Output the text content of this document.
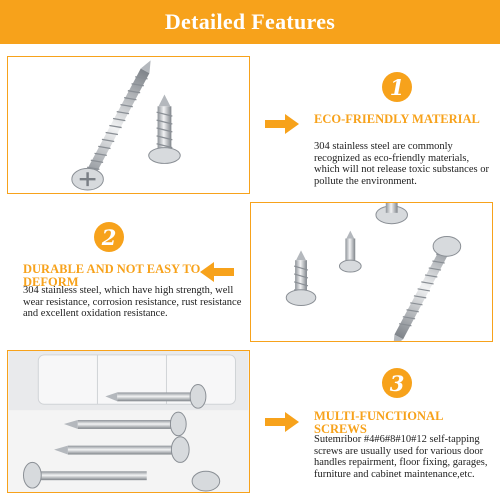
Detailed Features
1
2
3
ECO-FRIENDLY MATERIAL
304 stainless steel are commonly recognized as eco-friendly materials, which will not release toxic substances or pollute the environment.
DURABLE AND NOT EASY TO DEFORM
304 stainless steel, which have high strength, well wear resistance, corrosion resistance, rust resistance and excellent oxidation resistance.
MULTI-FUNCTIONAL SCREWS
Sutemribor #4#6#8#10#12 self-tapping screws are usually used for various door handles repairment, floor fixing, garages, furniture and cabinet maintenance,etc.
